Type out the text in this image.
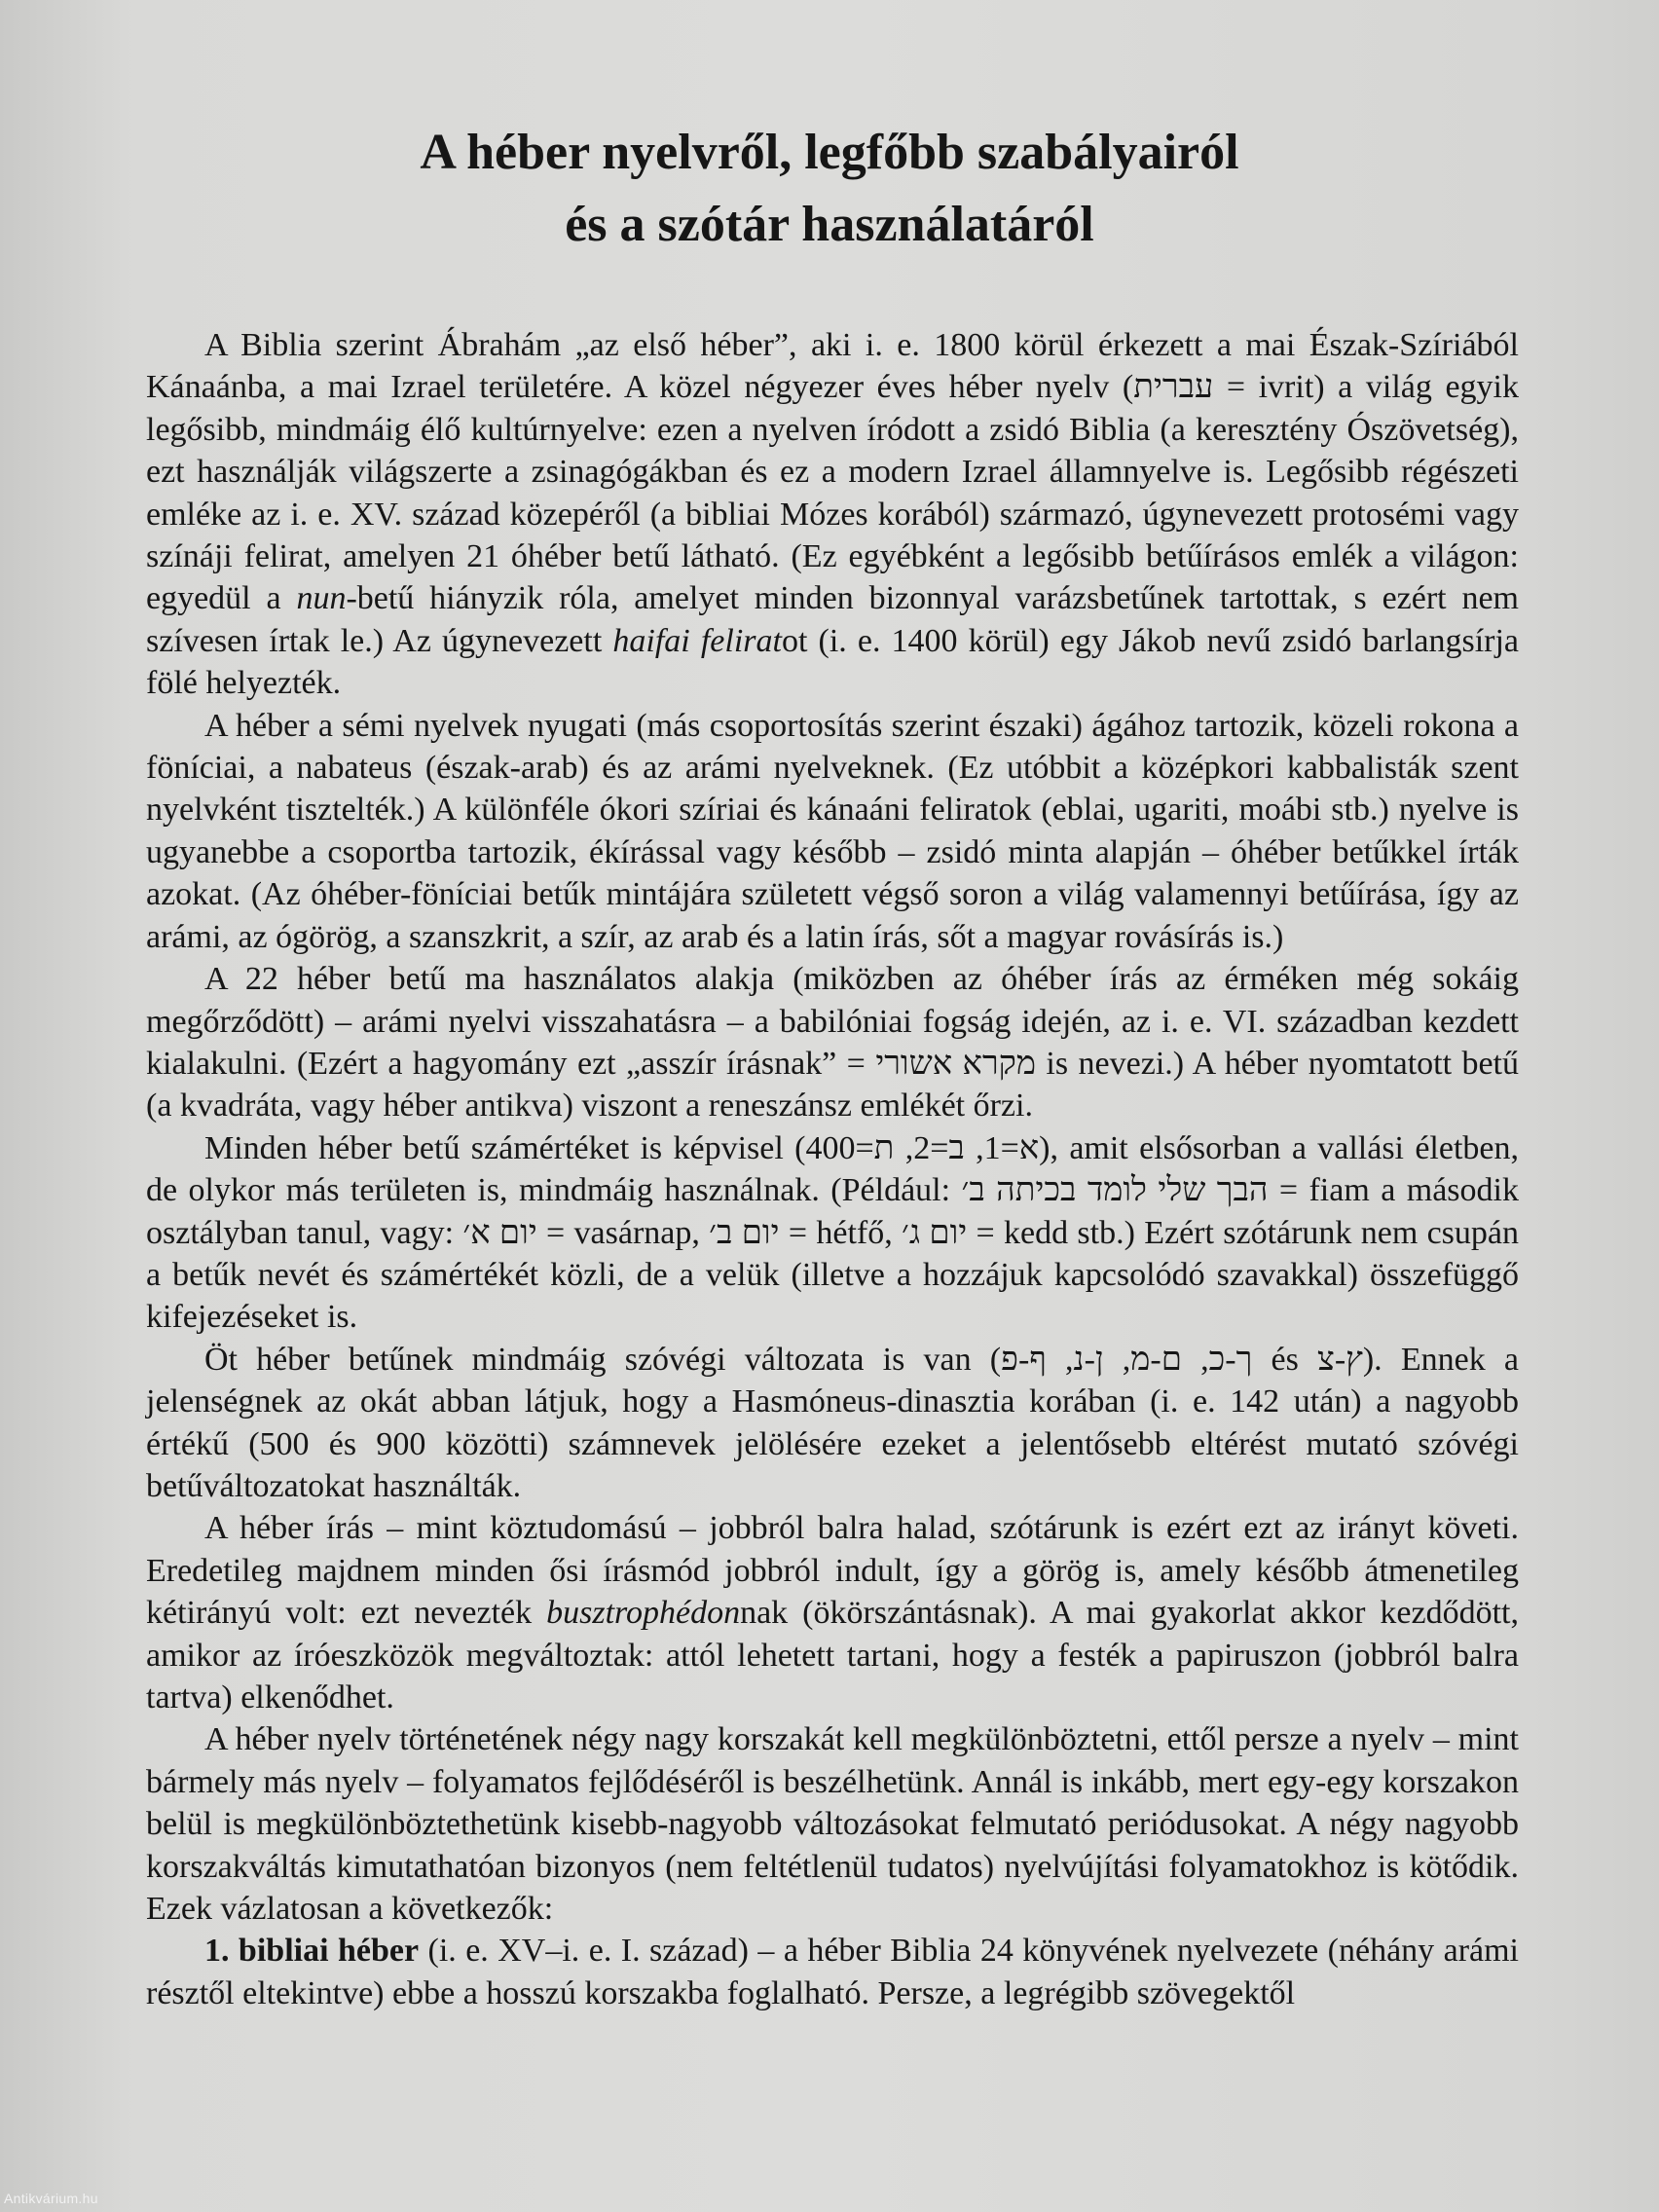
A héber nyelvről, legfőbb szabályairól
és a szótár használatáról

A Biblia szerint Ábrahám „az első héber”, aki i. e. 1800 körül érkezett a mai Észak-Szíriából Kánaánba, a mai Izrael területére. A közel négyezer éves héber nyelv (עברית = ivrit) a világ egyik legősibb, mindmáig élő kultúrnyelve: ezen a nyelven íródott a zsidó Biblia (a keresztény Ószövetség), ezt használják világszerte a zsinagógákban és ez a modern Izrael államnyelve is. Legősibb régészeti emléke az i. e. XV. század közepéről (a bibliai Mózes korából) származó, úgynevezett protosémi vagy színáji felirat, amelyen 21 óhéber betű látható. (Ez egyébként a legősibb betűírásos emlék a világon: egyedül a nun-betű hiányzik róla, amelyet minden bizonnyal varázsbetűnek tartottak, s ezért nem szívesen írtak le.) Az úgynevezett haifai feliratot (i. e. 1400 körül) egy Jákob nevű zsidó barlangsírja fölé helyezték.

A héber a sémi nyelvek nyugati (más csoportosítás szerint északi) ágához tartozik, közeli rokona a föníciai, a nabateus (észak-arab) és az arámi nyelveknek. (Ez utóbbit a középkori kabbalisták szent nyelvként tisztelték.) A különféle ókori szíriai és kánaáni feliratok (eblai, ugariti, moábi stb.) nyelve is ugyanebbe a csoportba tartozik, ékírással vagy később – zsidó minta alapján – óhéber betűkkel írták azokat. (Az óhéber-föníciai betűk mintájára született végső soron a világ valamennyi betűírása, így az arámi, az ógörög, a szanszkrit, a szír, az arab és a latin írás, sőt a magyar rovásírás is.)

A 22 héber betű ma használatos alakja (miközben az óhéber írás az érméken még sokáig megőrződött) – arámi nyelvi visszahatásra – a babilóniai fogság idején, az i. e. VI. században kezdett kialakulni. (Ezért a hagyomány ezt „asszír írásnak” = מקרא אשורי is nevezi.) A héber nyomtatott betű (a kvadráta, vagy héber antikva) viszont a reneszánsz emlékét őrzi.

Minden héber betű számértéket is képvisel (א=1, ב=2, ת=400), amit elsősorban a vallási életben, de olykor más területen is, mindmáig használnak. (Például: הבך שלי לומד בכיתה ב׳ = fiam a második osztályban tanul, vagy: יום א׳ = vasárnap, יום ב׳ = hétfő, יום ג׳ = kedd stb.) Ezért szótárunk nem csupán a betűk nevét és számértékét közli, de a velük (illetve a hozzájuk kapcsolódó szavakkal) összefüggő kifejezéseket is.

Öt héber betűnek mindmáig szóvégi változata is van (ך-כ, ם-מ, ן-נ, ף-פ és ץ-צ). Ennek a jelenségnek az okát abban látjuk, hogy a Hasmóneus-dinasztia korában (i. e. 142 után) a nagyobb értékű (500 és 900 közötti) számnevek jelölésére ezeket a jelentősebb eltérést mutató szóvégi betűváltozatokat használták.

A héber írás – mint köztudomású – jobbról balra halad, szótárunk is ezért ezt az irányt követi. Eredetileg majdnem minden ősi írásmód jobbról indult, így a görög is, amely később átmenetileg kétirányú volt: ezt nevezték busztrophédonnak (ökörszántásnak). A mai gyakorlat akkor kezdődött, amikor az íróeszközök megváltoztak: attól lehetett tartani, hogy a festék a papiruszon (jobbról balra tartva) elkenődhet.

A héber nyelv történetének négy nagy korszakát kell megkülönböztetni, ettől persze a nyelv – mint bármely más nyelv – folyamatos fejlődéséről is beszélhetünk. Annál is inkább, mert egy-egy korszakon belül is megkülönböztethetünk kisebb-nagyobb változásokat felmutató periódusokat. A négy nagyobb korszakváltás kimutathatóan bizonyos (nem feltétlenül tudatos) nyelvújítási folyamatokhoz is kötődik. Ezek vázlatosan a következők:

1. bibliai héber (i. e. XV–i. e. I. század) – a héber Biblia 24 könyvének nyelvezete (néhány arámi résztől eltekintve) ebbe a hosszú korszakba foglalható. Persze, a legrégibb szövegektől

Antikvárium.hu
